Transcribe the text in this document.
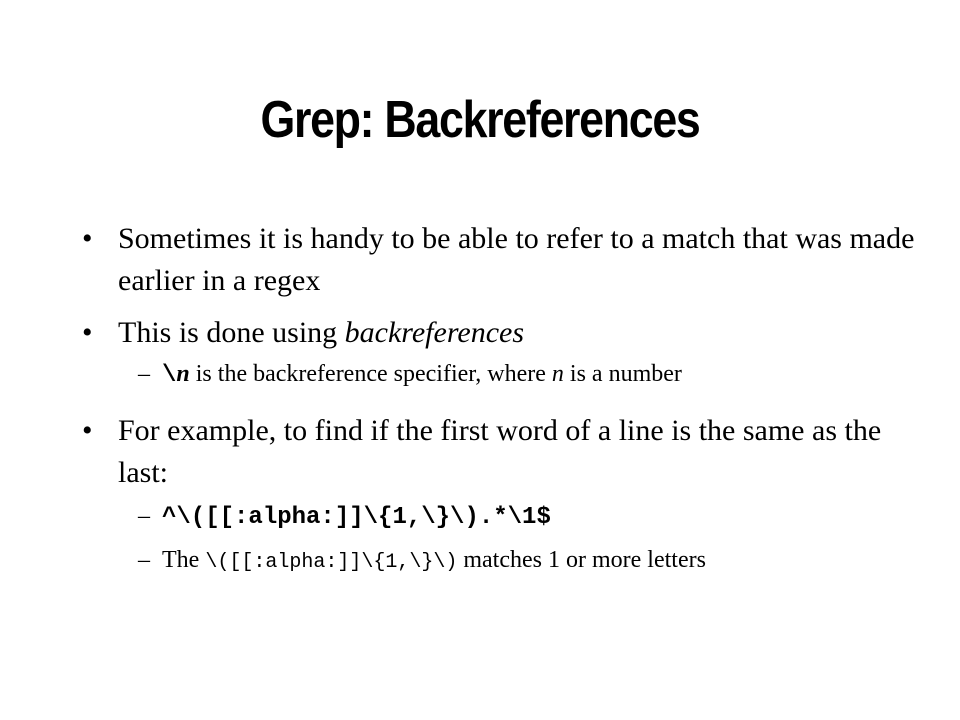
Grep: Backreferences
• Sometimes it is handy to be able to refer to a match that was made earlier in a regex
• This is done using backreferences
– \n is the backreference specifier, where n is a number
• For example, to find if the first word of a line is the same as the last:
– ^\([[:alpha:]]\{1,\}\).*\1$
– The \([[:alpha:]]\{1,\}\) matches 1 or more letters
